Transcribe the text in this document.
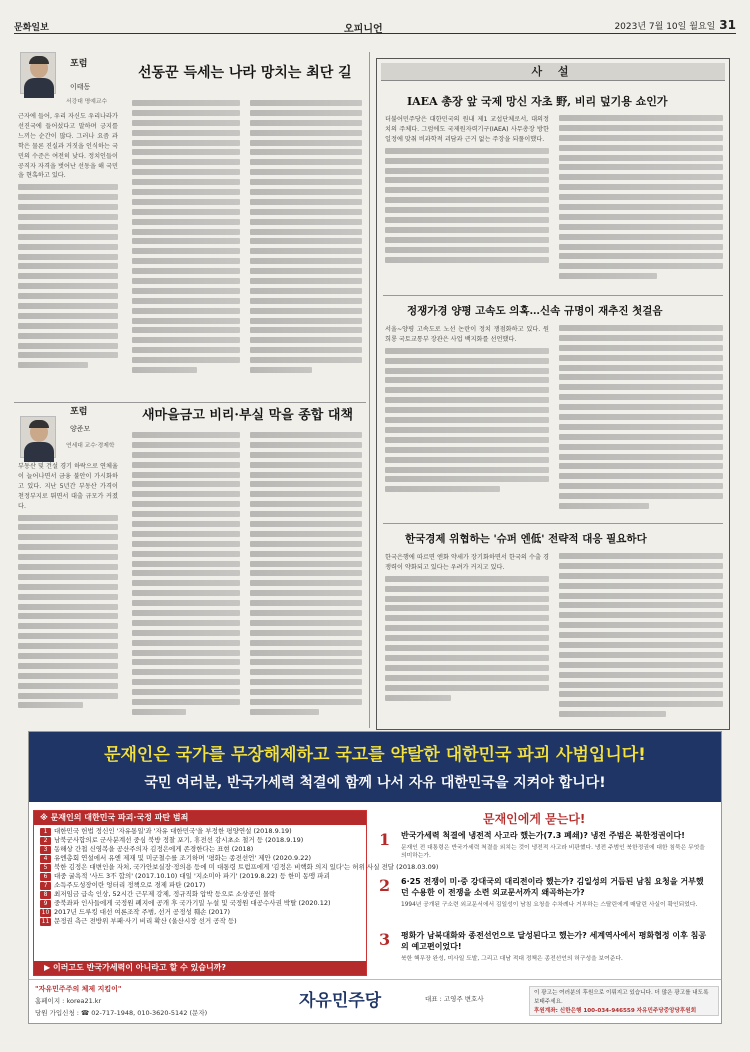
문화일보	오피니언	2023년 7월 10일 월요일 31
포럼
이태동
서강대 명예교수
선동꾼 득세는 나라 망치는 최단 길
근자에 들어, 우리 자신도 우리나라가 선진국에 들어섰다고 말하며 긍지를 느끼는 순간이 많다. 그러나 요즘 과학은 물론 진실과 거짓을 인식하는 국민의 수준은 여전히 낮다. 정치인들이 공직자 자격을 벗어난 선동을 해 국민을 현혹하고 있다.
포럼
양준모
연세대 교수·경제학
새마을금고 비리·부실 막을 종합 대책
부동산 및 건설 경기 하락으로 연체율이 늘어나면서 금융 불안이 가시화하고 있다. 지난 5년간 부동산 가격이 천정부지로 뛰면서 대출 규모가 커졌다.
사 설
IAEA 총장 앞 국제 망신 자초 野, 비리 덮기용 쇼인가
더불어민주당은 대한민국의 원내 제1 교섭단체로서, 대의정치의 주체다. 그럼에도 국제원자력기구(IAEA) 사무총장 방한 일정에 맞춰 비과학적 괴담과 근거 없는 주장을 되풀이했다.
정쟁가경 양평 고속도 의혹…신속 규명이 재추진 첫걸음
서울~양평 고속도로 노선 논란이 정치 쟁점화하고 있다. 원희룡 국토교통부 장관은 사업 백지화를 선언했다.
한국경제 위협하는 '슈퍼 엔低' 전략적 대응 필요하다
한국은행에 따르면 엔화 약세가 장기화하면서 한국의 수출 경쟁력이 약화되고 있다는 우려가 커지고 있다.
문재인은 국가를 무장해제하고 국고를 약탈한 대한민국 파괴 사범입니다!
국민 여러분, 반국가세력 척결에 함께 나서 자유 대한민국을 지켜야 합니다!
※ 문재인의 대한민국 파괴·국정 파탄 범죄
1 대한민국 헌법 정신인 '자유통일'과 '자유 대한민국'을 부정한 평양연설 (2018.9.19)
2 남북군사합의로 군사분계선 중심 북방 정찰 포기, 휴전선 감시초소 철거 등 (2018.9.19)
3 동해상 간첩 신영복을 공산주의자 김정은에게 존경한다는 표현 (2018)
4 유엔총회 연설에서 유엔 제재 및 미군철수를 조기하며 '평화는 종전선언' 제안 (2020.9.22)
5 북한 김정은 대변인을 자처, 국가안보실장·정의용 등에 미 대통령 트럼프에게 '김정은 비핵화 의지 있다'는 허위 사실 전달 (2018.03.09)
6 대중 굴욕적 '사드 3不 합의' (2017.10.10) 대일 '지소미아 파기' (2019.8.22) 등 한미 동맹 파괴
7 소득주도성장이란 엉터리 정책으로 경제 파탄 (2017)
8 최저임금 급속 인상, 52시간 근무제 강제, 정규직화 압박 등으로 소상공인 몰락
9 중북좌파 인사들에게 국정원 폐지에 공개 후 국가기밀 누설 및 국정원 대공수사권 박탈 (2020.12)
10 2017년 드루킹 대선 여론조작 주범, 선거 공정성 훼손 (2017)
11 문정권 측근 전방위 부패·사기 비리 확산 (울산시장 선거 공작 등)
▶ 이러고도 반국가세력이 아니라고 할 수 있습니까?
문재인에게 묻는다!
1 반국가세력 척결에 냉전적 사고라 했는가(7.3 폐쇄)? 냉전 주범은 북한정권이다!
문재인 전 대통령은 반국가세력 척결을 외치는 것이 냉전적 사고라 비판했다. 냉전 주범인 북한정권에 대한 침묵은 무엇을 의미하는가.
2 6·25 전쟁이 미·중 강대국의 대리전이라 했는가? 김일성의 거듭된 남침 요청을 거부했던 수용한 이 전쟁을 소련 외교문서까지 왜곡하는가?
1994년 공개된 구소련 외교문서에서 김일성이 남침 요청을 수차례나 거부하는 스탈린에게 매달린 사실이 확인되었다.
3 평화가 남북대화와 종전선언으로 달성된다고 했는가? 세계역사에서 평화협정 이후 침공의 예고편이었다!
북한 핵무장 완성, 미사일 도발, 그리고 대남 적대 정책은 종전선언의 허구성을 보여준다.
"자유민주주의 체제 지킴이"
홈페이지 : korea21.kr
당원 가입신청 : ☎ 02-717-1948, 010-3620-5142 (문자)
자유민주당	대표 : 고영주 변호사
이 광고는 여러분의 후원으로 이뤄지고 있습니다. 더 많은 광고를 내도록 보태주세요.
후원계좌: 신한은행 100-034-946559 자유민주당중앙당후원회
